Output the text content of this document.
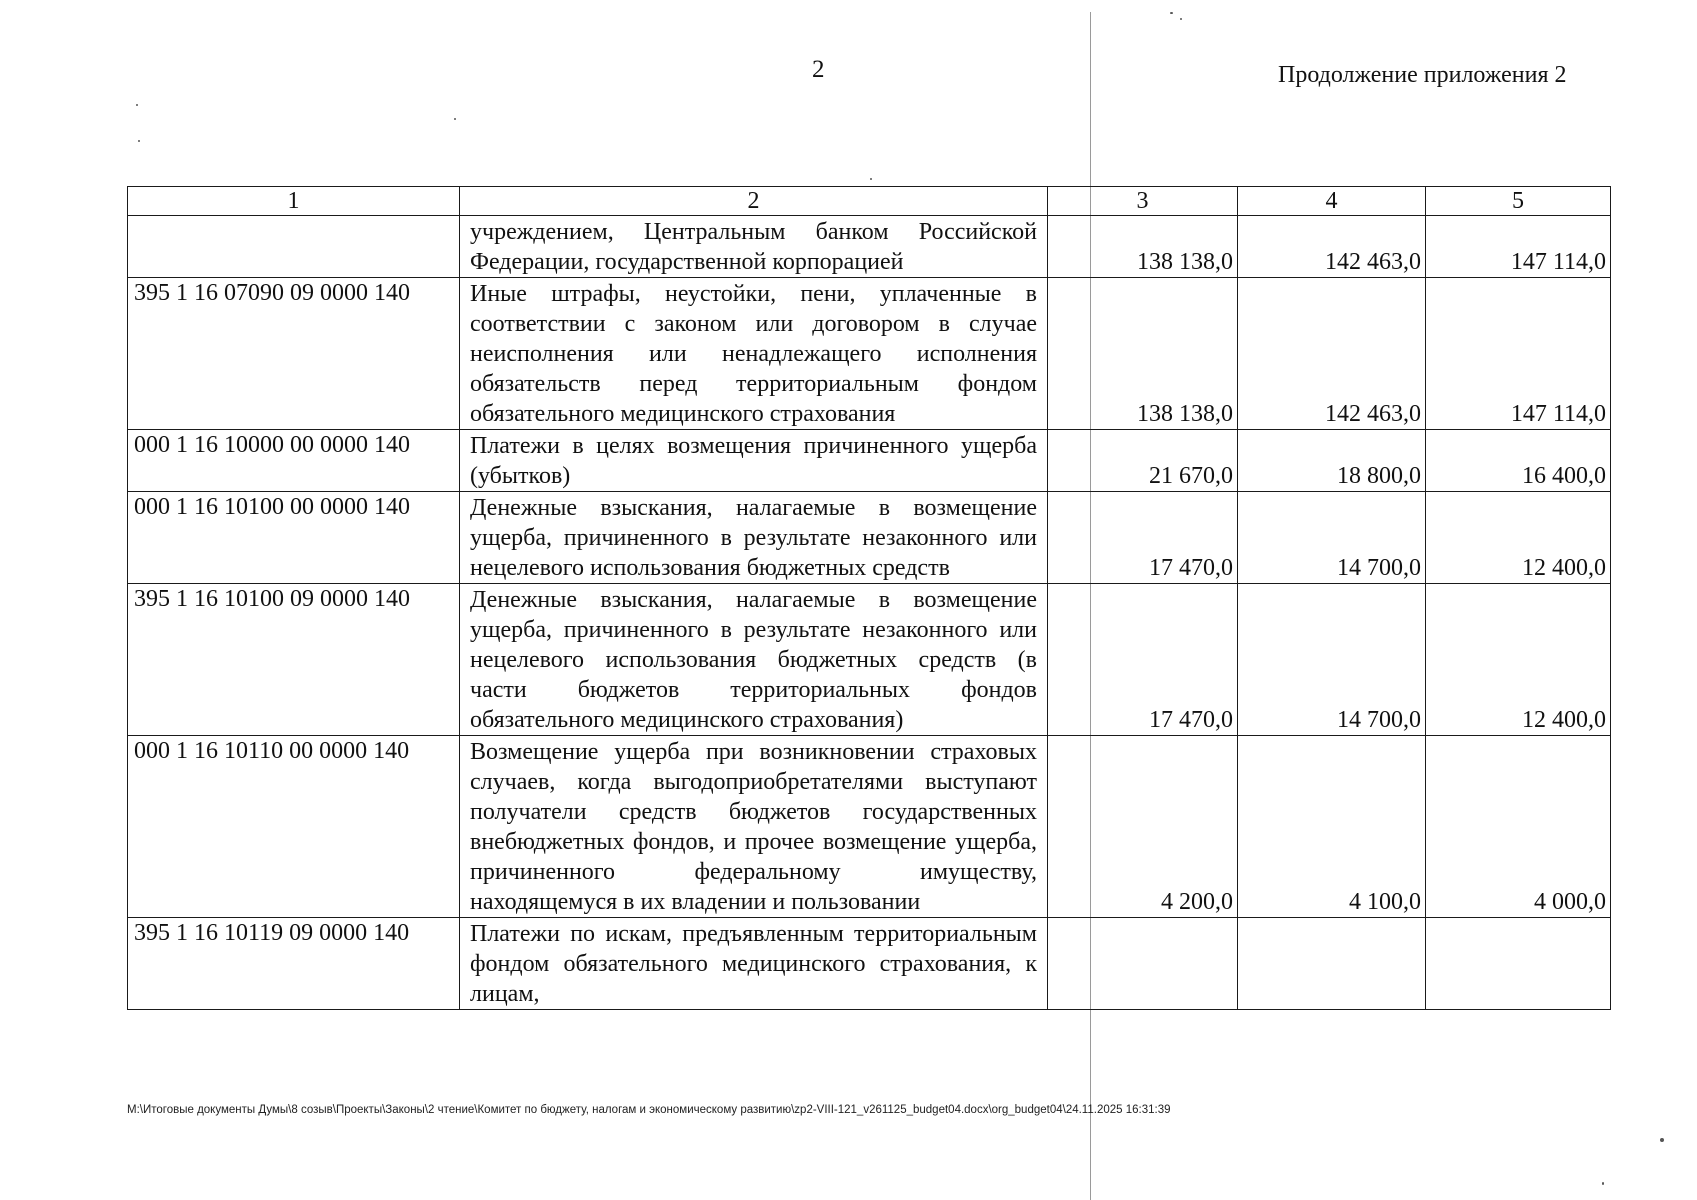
2	Продолжение приложения 2
1	2	3	4	5
	учреждением, Центральным банком Российской Федерации, государственной корпорацией	138 138,0	142 463,0	147 114,0
395 1 16 07090 09 0000 140	Иные штрафы, неустойки, пени, уплаченные в соответствии с законом или договором в случае неисполнения или ненадлежащего исполнения обязательств перед территориальным фондом обязательного медицинского страхования	138 138,0	142 463,0	147 114,0
000 1 16 10000 00 0000 140	Платежи в целях возмещения причиненного ущерба (убытков)	21 670,0	18 800,0	16 400,0
000 1 16 10100 00 0000 140	Денежные взыскания, налагаемые в возмещение ущерба, причиненного в результате незаконного или нецелевого использования бюджетных средств	17 470,0	14 700,0	12 400,0
395 1 16 10100 09 0000 140	Денежные взыскания, налагаемые в возмещение ущерба, причиненного в результате незаконного или нецелевого использования бюджетных средств (в части бюджетов территориальных фондов обязательного медицинского страхования)	17 470,0	14 700,0	12 400,0
000 1 16 10110 00 0000 140	Возмещение ущерба при возникновении страховых случаев, когда выгодоприобретателями выступают получатели средств бюджетов государственных внебюджетных фондов, и прочее возмещение ущерба, причиненного федеральному имуществу, находящемуся в их владении и пользовании	4 200,0	4 100,0	4 000,0
395 1 16 10119 09 0000 140	Платежи по искам, предъявленным территориальным фондом обязательного медицинского страхования, к лицам,			
M:\Итоговые документы Думы\8 созыв\Проекты\Законы\2 чтение\Комитет по бюджету, налогам и экономическому развитию\zp2-VIII-121_v261125_budget04.docx\org_budget04\24.11.2025 16:31:39
